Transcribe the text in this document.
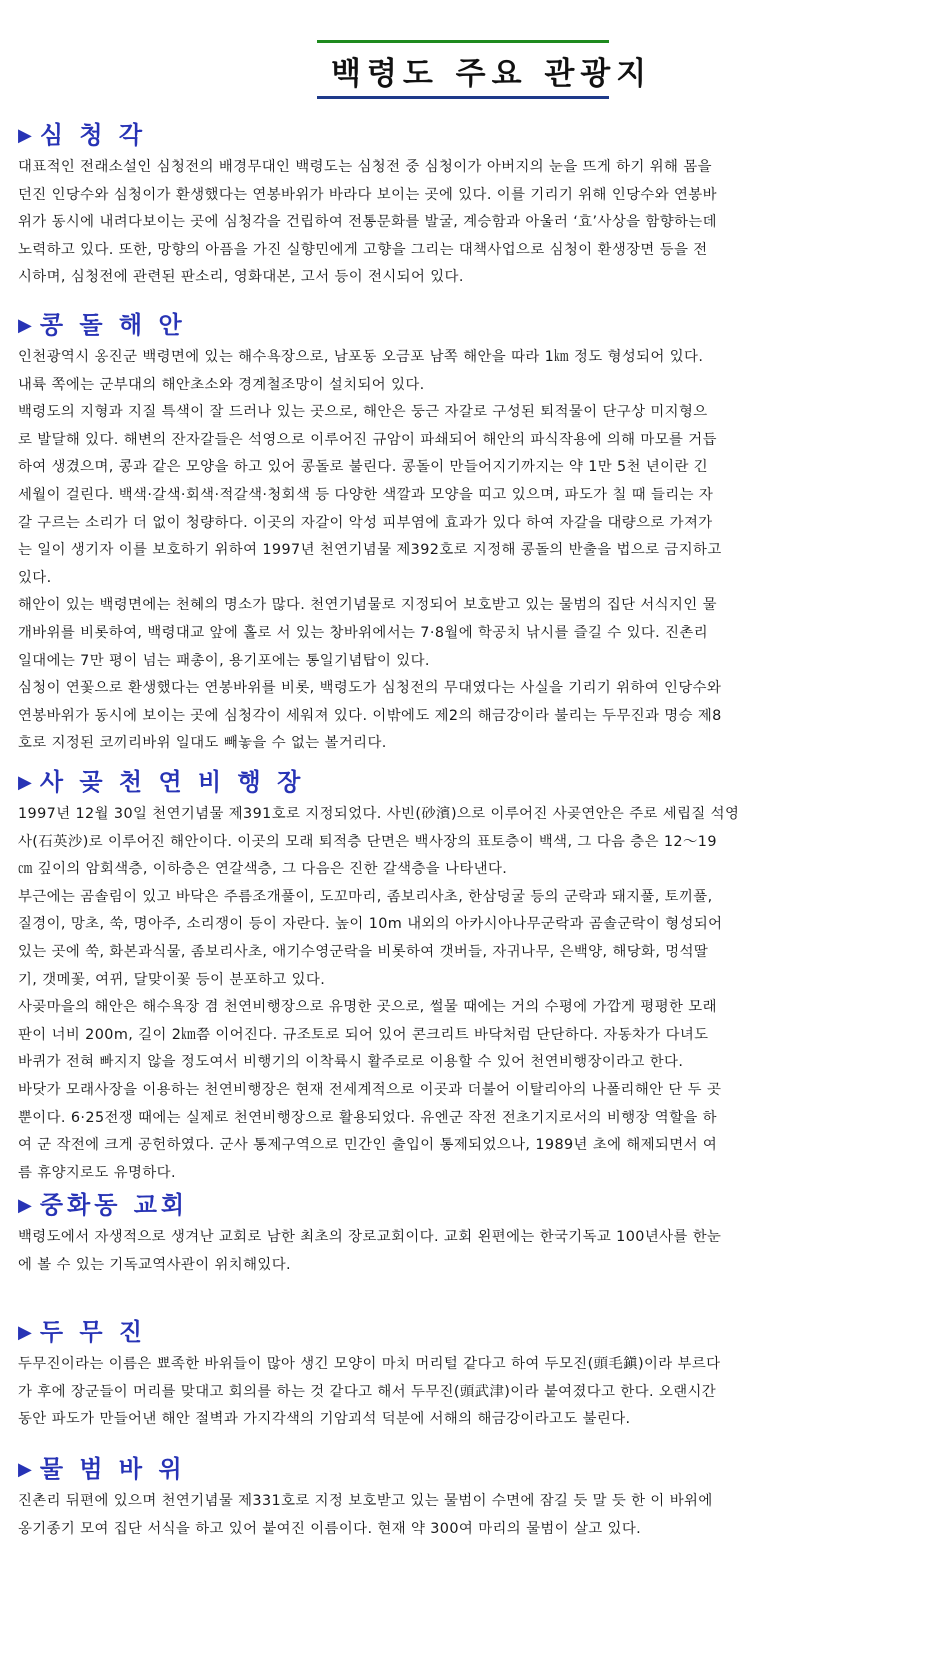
백령도 주요 관광지
▶ 심 청 각
대표적인 전래소설인 심청전의 배경무대인 백령도는 심청전 중 심청이가 아버지의 눈을 뜨게 하기 위해 몸을
던진 인당수와 심청이가 환생했다는 연봉바위가 바라다 보이는 곳에 있다. 이를 기리기 위해 인당수와 연봉바
위가 동시에 내려다보이는 곳에 심청각을 건립하여 전통문화를 발굴, 계승함과 아울러 ‘효’사상을 함향하는데
노력하고 있다. 또한, 망향의 아픔을 가진 실향민에게 고향을 그리는 대책사업으로 심청이 환생장면 등을 전
시하며, 심청전에 관련된 판소리, 영화대본, 고서 등이 전시되어 있다.
▶ 콩 돌 해 안
인천광역시 옹진군 백령면에 있는 해수욕장으로, 남포동 오금포 남쪽 해안을 따라 1㎞ 정도 형성되어 있다.
내륙 쪽에는 군부대의 해안초소와 경계철조망이 설치되어 있다.
백령도의 지형과 지질 특색이 잘 드러나 있는 곳으로, 해안은 둥근 자갈로 구성된 퇴적물이 단구상 미지형으
로 발달해 있다. 해변의 잔자갈들은 석영으로 이루어진 규암이 파쇄되어 해안의 파식작용에 의해 마모를 거듭
하여 생겼으며, 콩과 같은 모양을 하고 있어 콩돌로 불린다. 콩돌이 만들어지기까지는 약 1만 5천 년이란 긴
세월이 걸린다. 백색·갈색·회색·적갈색·청회색 등 다양한 색깔과 모양을 띠고 있으며, 파도가 칠 때 들리는 자
갈 구르는 소리가 더 없이 청량하다. 이곳의 자갈이 악성 피부염에 효과가 있다 하여 자갈을 대량으로 가져가
는 일이 생기자 이를 보호하기 위하여 1997년 천연기념물 제392호로 지정해 콩돌의 반출을 법으로 금지하고
있다.
해안이 있는 백령면에는 천혜의 명소가 많다. 천연기념물로 지정되어 보호받고 있는 물범의 집단 서식지인 물
개바위를 비롯하여, 백령대교 앞에 홀로 서 있는 창바위에서는 7·8월에 학공치 낚시를 즐길 수 있다. 진촌리
일대에는 7만 평이 넘는 패총이, 용기포에는 통일기념탑이 있다.
심청이 연꽃으로 환생했다는 연봉바위를 비롯, 백령도가 심청전의 무대였다는 사실을 기리기 위하여 인당수와
연봉바위가 동시에 보이는 곳에 심청각이 세워져 있다. 이밖에도 제2의 해금강이라 불리는 두무진과 명승 제8
호로 지정된 코끼리바위 일대도 빼놓을 수 없는 볼거리다.
▶ 사 곶 천 연 비 행 장
1997년 12월 30일 천연기념물 제391호로 지정되었다. 사빈(砂濱)으로 이루어진 사곶연안은 주로 세립질 석영
사(石英沙)로 이루어진 해안이다. 이곳의 모래 퇴적층 단면은 백사장의 표토층이 백색, 그 다음 층은 12～19
㎝ 깊이의 암회색층, 이하층은 연갈색층, 그 다음은 진한 갈색층을 나타낸다.
부근에는 곰솔림이 있고 바닥은 주름조개풀이, 도꼬마리, 좀보리사초, 한삼덩굴 등의 군락과 돼지풀, 토끼풀,
질경이, 망초, 쑥, 명아주, 소리쟁이 등이 자란다. 높이 10m 내외의 아카시아나무군락과 곰솔군락이 형성되어
있는 곳에 쑥, 화본과식물, 좀보리사초, 애기수영군락을 비롯하여 갯버들, 자귀나무, 은백양, 해당화, 멍석딸
기, 갯메꽃, 여뀌, 달맞이꽃 등이 분포하고 있다.
사곶마을의 해안은 해수욕장 겸 천연비행장으로 유명한 곳으로, 썰물 때에는 거의 수평에 가깝게 평평한 모래
판이 너비 200m, 길이 2㎞쯤 이어진다. 규조토로 되어 있어 콘크리트 바닥처럼 단단하다. 자동차가 다녀도
바퀴가 전혀 빠지지 않을 정도여서 비행기의 이착륙시 활주로로 이용할 수 있어 천연비행장이라고 한다.
바닷가 모래사장을 이용하는 천연비행장은 현재 전세계적으로 이곳과 더불어 이탈리아의 나폴리해안 단 두 곳
뿐이다. 6·25전쟁 때에는 실제로 천연비행장으로 활용되었다. 유엔군 작전 전초기지로서의 비행장 역할을 하
여 군 작전에 크게 공헌하였다. 군사 통제구역으로 민간인 출입이 통제되었으나, 1989년 초에 해제되면서 여
름 휴양지로도 유명하다.
▶ 중화동 교회
백령도에서 자생적으로 생겨난 교회로 남한 최초의 장로교회이다. 교회 왼편에는 한국기독교 100년사를 한눈
에 볼 수 있는 기독교역사관이 위치해있다.
▶ 두 무 진
두무진이라는 이름은 뾰족한 바위들이 많아 생긴 모양이 마치 머리털 같다고 하여 두모진(頭毛鎭)이라 부르다
가 후에 장군들이 머리를 맞대고 회의를 하는 것 같다고 해서 두무진(頭武津)이라 붙여졌다고 한다. 오랜시간
동안 파도가 만들어낸 해안 절벽과 가지각색의 기암괴석 덕분에 서해의 해금강이라고도 불린다.
▶ 물 범 바 위
진촌리 뒤편에 있으며 천연기념물 제331호로 지정 보호받고 있는 물범이 수면에 잠길 듯 말 듯 한 이 바위에
옹기종기 모여 집단 서식을 하고 있어 붙여진 이름이다. 현재 약 300여 마리의 물범이 살고 있다.
